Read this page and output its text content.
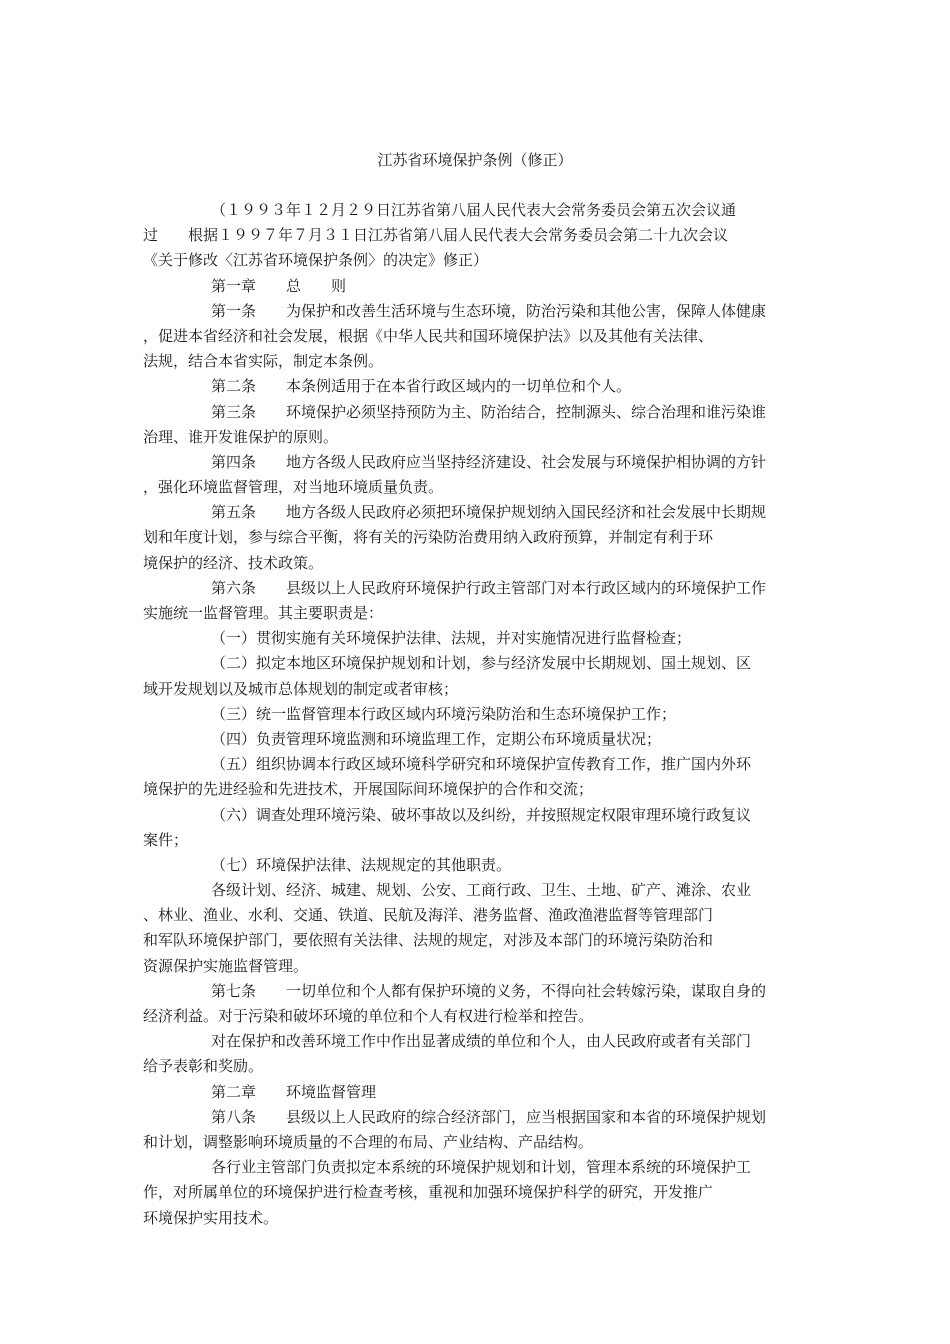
江苏省环境保护条例（修正）
（１９９３年１２月２９日江苏省第八届人民代表大会常务委员会第五次会议通
过　　根据１９９７年７月３１日江苏省第八届人民代表大会常务委员会第二十九次会议
《关于修改〈江苏省环境保护条例〉的决定》修正）
第一章　　总　　则
第一条　　为保护和改善生活环境与生态环境，防治污染和其他公害，保障人体健康
，促进本省经济和社会发展，根据《中华人民共和国环境保护法》以及其他有关法律、
法规，结合本省实际，制定本条例。
第二条　　本条例适用于在本省行政区域内的一切单位和个人。
第三条　　环境保护必须坚持预防为主、防治结合，控制源头、综合治理和谁污染谁
治理、谁开发谁保护的原则。
第四条　　地方各级人民政府应当坚持经济建设、社会发展与环境保护相协调的方针
，强化环境监督管理，对当地环境质量负责。
第五条　　地方各级人民政府必须把环境保护规划纳入国民经济和社会发展中长期规
划和年度计划，参与综合平衡，将有关的污染防治费用纳入政府预算，并制定有利于环
境保护的经济、技术政策。
第六条　　县级以上人民政府环境保护行政主管部门对本行政区域内的环境保护工作
实施统一监督管理。其主要职责是：
（一）贯彻实施有关环境保护法律、法规，并对实施情况进行监督检查；
（二）拟定本地区环境保护规划和计划，参与经济发展中长期规划、国土规划、区
域开发规划以及城市总体规划的制定或者审核；
（三）统一监督管理本行政区域内环境污染防治和生态环境保护工作；
（四）负责管理环境监测和环境监理工作，定期公布环境质量状况；
（五）组织协调本行政区域环境科学研究和环境保护宣传教育工作，推广国内外环
境保护的先进经验和先进技术，开展国际间环境保护的合作和交流；
（六）调查处理环境污染、破坏事故以及纠纷，并按照规定权限审理环境行政复议
案件；
（七）环境保护法律、法规规定的其他职责。
各级计划、经济、城建、规划、公安、工商行政、卫生、土地、矿产、滩涂、农业
、林业、渔业、水利、交通、铁道、民航及海洋、港务监督、渔政渔港监督等管理部门
和军队环境保护部门，要依照有关法律、法规的规定，对涉及本部门的环境污染防治和
资源保护实施监督管理。
第七条　　一切单位和个人都有保护环境的义务，不得向社会转嫁污染，谋取自身的
经济利益。对于污染和破坏环境的单位和个人有权进行检举和控告。
对在保护和改善环境工作中作出显著成绩的单位和个人，由人民政府或者有关部门
给予表彰和奖励。
第二章　　环境监督管理
第八条　　县级以上人民政府的综合经济部门，应当根据国家和本省的环境保护规划
和计划，调整影响环境质量的不合理的布局、产业结构、产品结构。
各行业主管部门负责拟定本系统的环境保护规划和计划，管理本系统的环境保护工
作，对所属单位的环境保护进行检查考核，重视和加强环境保护科学的研究，开发推广
环境保护实用技术。
